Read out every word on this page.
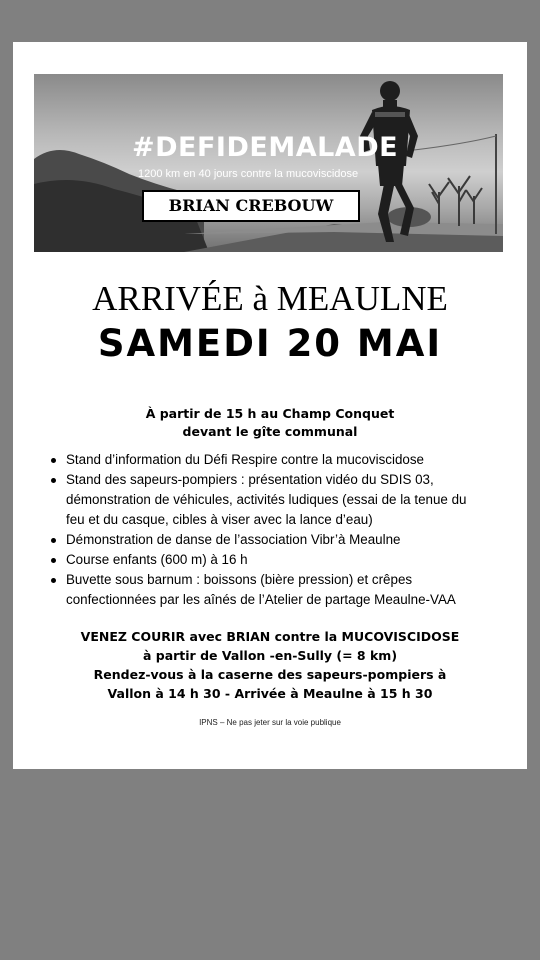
#DEFIDEMALADE
1200 km en 40 jours contre la mucoviscidose
BRIAN CREBOUW
ARRIVÉE à MEAULNE
SAMEDI 20 MAI
À partir de 15 h au Champ Conquet
devant le gîte communal
Stand d’information du Défi Respire contre la mucoviscidose
Stand des sapeurs-pompiers : présentation vidéo du SDIS 03,
démonstration de véhicules, activités ludiques (essai de la tenue du
feu et du casque, cibles à viser avec la lance d’eau)
Démonstration de danse de l’association Vibr’à Meaulne
Course enfants (600 m) à 16 h
Buvette sous barnum : boissons (bière pression) et crêpes
confectionnées par les aînés de l’Atelier de partage Meaulne-VAA
VENEZ COURIR avec BRIAN contre la MUCOVISCIDOSE
à partir de Vallon -en-Sully (= 8 km)
Rendez-vous à la caserne des sapeurs-pompiers à
Vallon à 14 h 30 - Arrivée à Meaulne à 15 h 30
IPNS – Ne pas jeter sur la voie publique
